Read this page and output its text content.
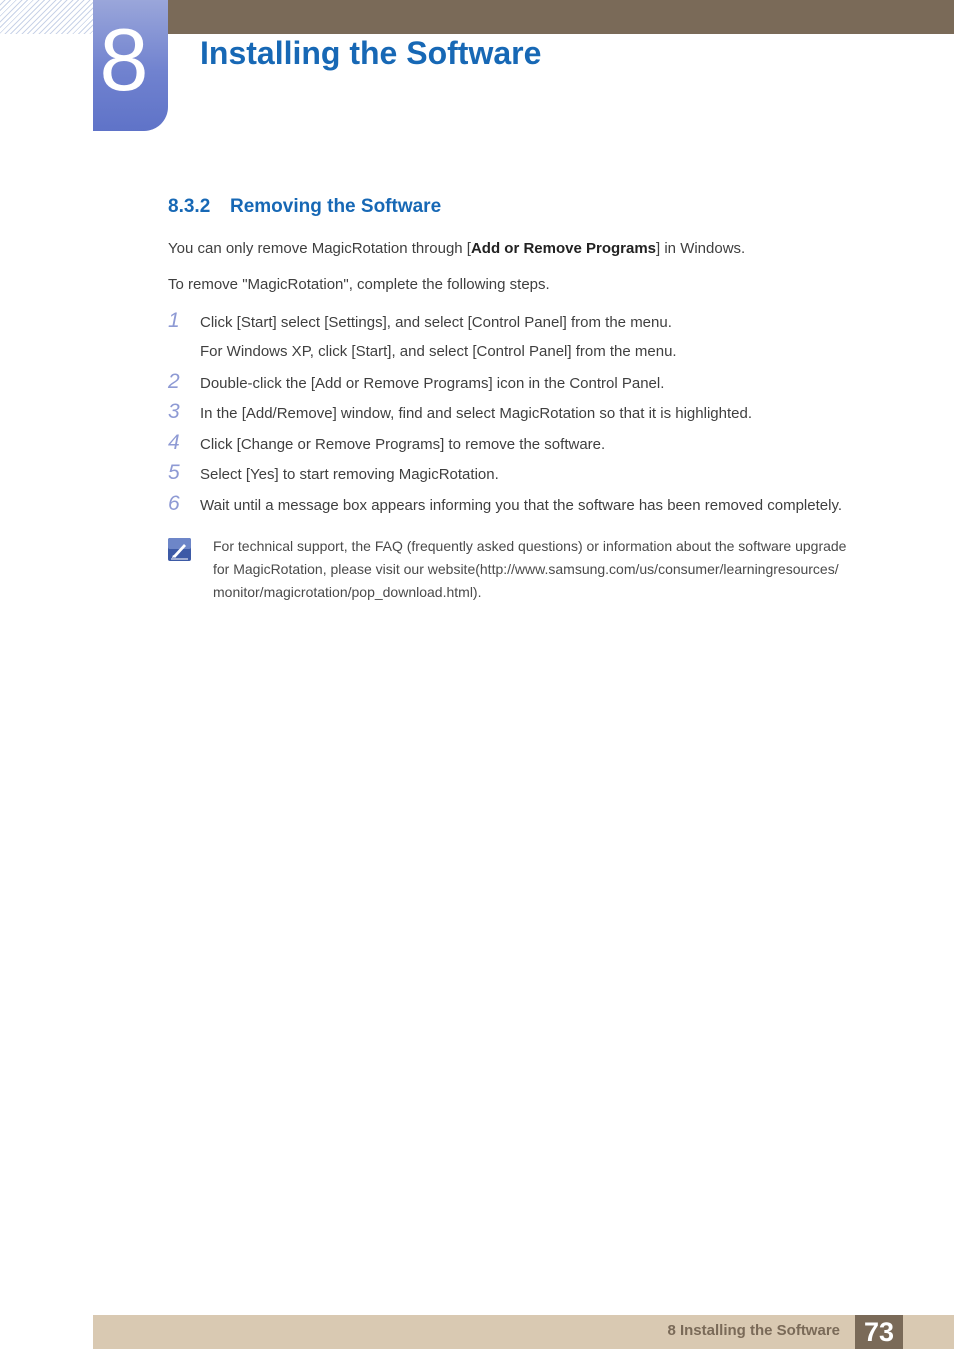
8 Installing the Software
8.3.2 Removing the Software

You can only remove MagicRotation through [Add or Remove Programs] in Windows.

To remove "MagicRotation", complete the following steps.

1	Click [Start] select [Settings], and select [Control Panel] from the menu.
For Windows XP, click [Start], and select [Control Panel] from the menu.
2	Double-click the [Add or Remove Programs] icon in the Control Panel.
3	In the [Add/Remove] window, find and select MagicRotation so that it is highlighted.
4	Click [Change or Remove Programs] to remove the software.
5	Select [Yes] to start removing MagicRotation.
6	Wait until a message box appears informing you that the software has been removed completely.

For technical support, the FAQ (frequently asked questions) or information about the software upgrade
for MagicRotation, please visit our website(http://www.samsung.com/us/consumer/learningresources/
monitor/magicrotation/pop_download.html).

8 Installing the Software 73
